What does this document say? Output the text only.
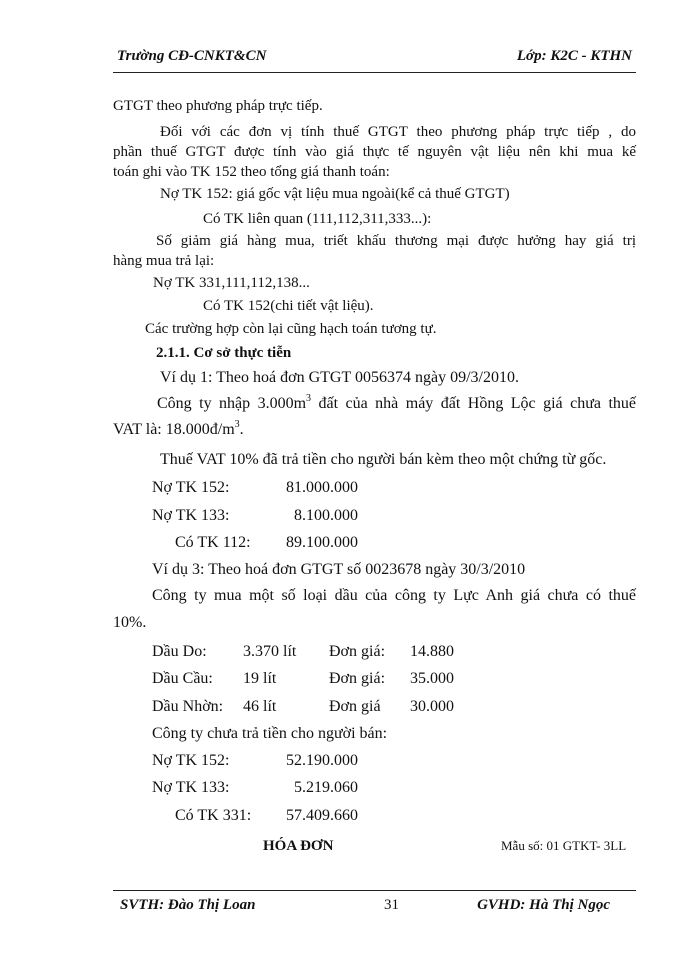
Trường CĐ-CNKT&CN	Lớp: K2C - KTHN
GTGT theo phương pháp trực tiếp.
Đối với các đơn vị tính thuế GTGT theo phương pháp trực tiếp , do
phần thuế GTGT được tính vào giá thực tế nguyên vật liệu nên khi mua kế
toán ghi vào TK 152 theo tổng giá thanh toán:
Nợ TK 152: giá gốc vật liệu mua ngoài(kể cả thuế GTGT)
Có TK liên quan (111,112,311,333...):
Số giảm giá hàng mua, triết khấu thương mại được hưởng hay giá trị
hàng mua trả lại:
Nợ TK 331,111,112,138...
Có TK 152(chi tiết vật liệu).
Các trường hợp còn lại cũng hạch toán tương tự.
2.1.1. Cơ sở thực tiễn
Ví dụ 1: Theo hoá đơn GTGT 0056374 ngày 09/3/2010.
Công ty nhập $3.000m^3$ đất của nhà máy đất Hồng Lộc giá chưa thuế
VAT là: $18.000đ/m^3$.
Thuế VAT 10% đã trả tiền cho người bán kèm theo một chứng từ gốc.
Nợ TK 152:	81.000.000
Nợ TK 133:	8.100.000
Có TK 112: 89.100.000
Ví dụ 3: Theo hoá đơn GTGT số 0023678 ngày 30/3/2010
Công ty mua một số loại dầu của công ty Lực Anh giá chưa có thuế
10%.
Dầu Do: 3.370 lít Đơn giá: 14.880
Dầu Cầu: 19 lít	Đơn giá: 35.000
Dầu Nhờn: 46 lít	Đơn giá 30.000
Công ty chưa trả tiền cho người bán:
Nợ TK 152:	52.190.000
Nợ TK 133:	5.219.060
Có TK 331:	57.409.660
HÓA ĐƠN	Mẫu số: 01 GTKT- 3LL
SVTH: Đào Thị Loan	31	GVHD: Hà Thị Ngọc
